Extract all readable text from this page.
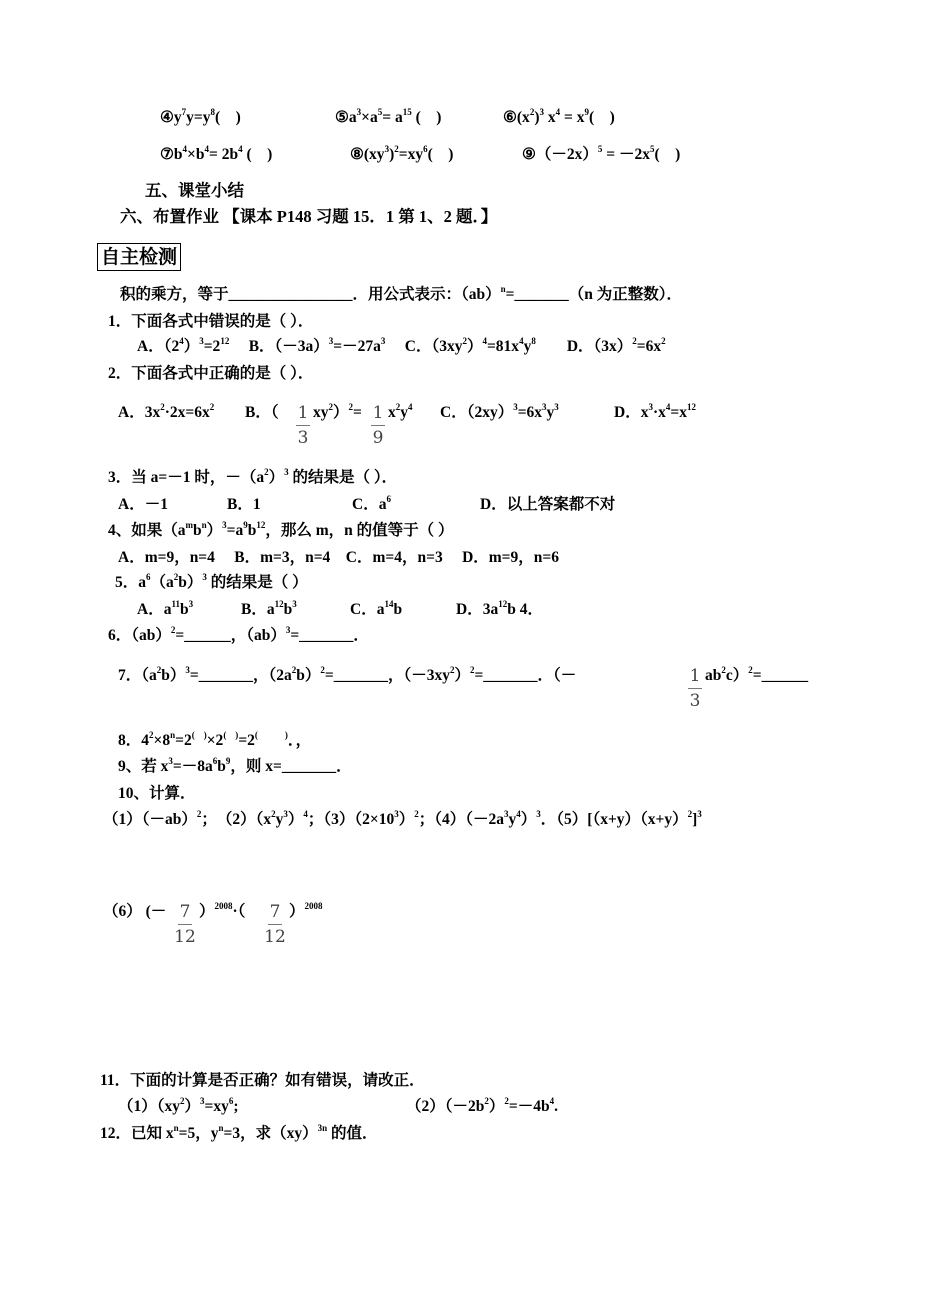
$④y^7y=y^8$(　)	$⑤a^3\times a^5= a^{15}$ (　)	$⑥(x^2)^3$ $x^4 = x^9$(　)
$⑦b^4\times b^4= 2b^4$ (　)	$⑧(xy^3)^2=xy^6$(　)	$⑨(-2x)^5 = -2x^5$(　)
五、课堂小结
六、布置作业 【课本 P148 习题 15．1 第 1、2 题．】
自主检测
积的乘方，等于________________．用公式表示：（ab）$^n$=_______（n 为正整数）．
1．下面各式中错误的是（ ）．
A．$(2^4)^3=2^{12}$　 B．$(-3a)^3=-27a^3$　 C．$(3xy^2)^4=81x^4y^8$　　D．$(3x)^2=6x^2$
2．下面各式中正确的是（ ）．
A．$3x^2\cdot 2x=6x^2$ B．（ 1
3
$xy^2)^2= 1$
9
$x^2y^4$ C．$(2xy)^3=6x^3y^3$	D．$x^3\cdot x^4=x^{12}$
3．当 a=－1 时，$-(a^2)^3$ 的结果是（ ）．
A．－1	B．1	C．$a^6$	D．以上答案都不对
4、如果$(a^mb^n)^3=a^9b^{12}$，那么 m，n 的值等于（ ）
A．m=9，n=4　 B．m=3，n=4　C．m=4，n=3　 D．m=9，n=6
5．$a^6(a^2b)^3$ 的结果是（ ）
A．$a^{11}b^3$	B．$a^{12}b^3$	C．$a^{14}b$	D．$3a^{12}b$ 4．
6．（ab）$^2$=______，（ab）$^3$=_______．
7．$(a^2b)^3=\_\_\_\_\_\_\_$，$(2a^2b)^2=\_\_\_\_\_\_\_$，$(-3xy^2)^2=\_\_\_\_\_\_\_$．（－	1
3
$ab^2c)^2=\_\_\_\_\_\_$
8．$4^2\times 8^n=2^{( )}\times 2^{( )}=2^{( )}$．，
9、若 $x^3=-8a^6b^9$，则 x=_______．
10、计算．
$(1)(-ab)^2$；　$(2)(x^2y^3)^4$；$(3)(2\times 10^3)^2$；$(4)(-2a^3y^4)^3$．$(5)[(x+y)(x+y)^2]^3$
（6） (－ 7
12
）$^{2008}$·（	7
12
）$^{2008}$
11．下面的计算是否正确？如有错误，请改正．
$(1)(xy^2)^3=xy^6$;	$(2)(-2b^2)^2=-4b^4$.
12．已知 $x^n=5$，$y^n=3$，求（xy）$^{3n}$ 的值．
